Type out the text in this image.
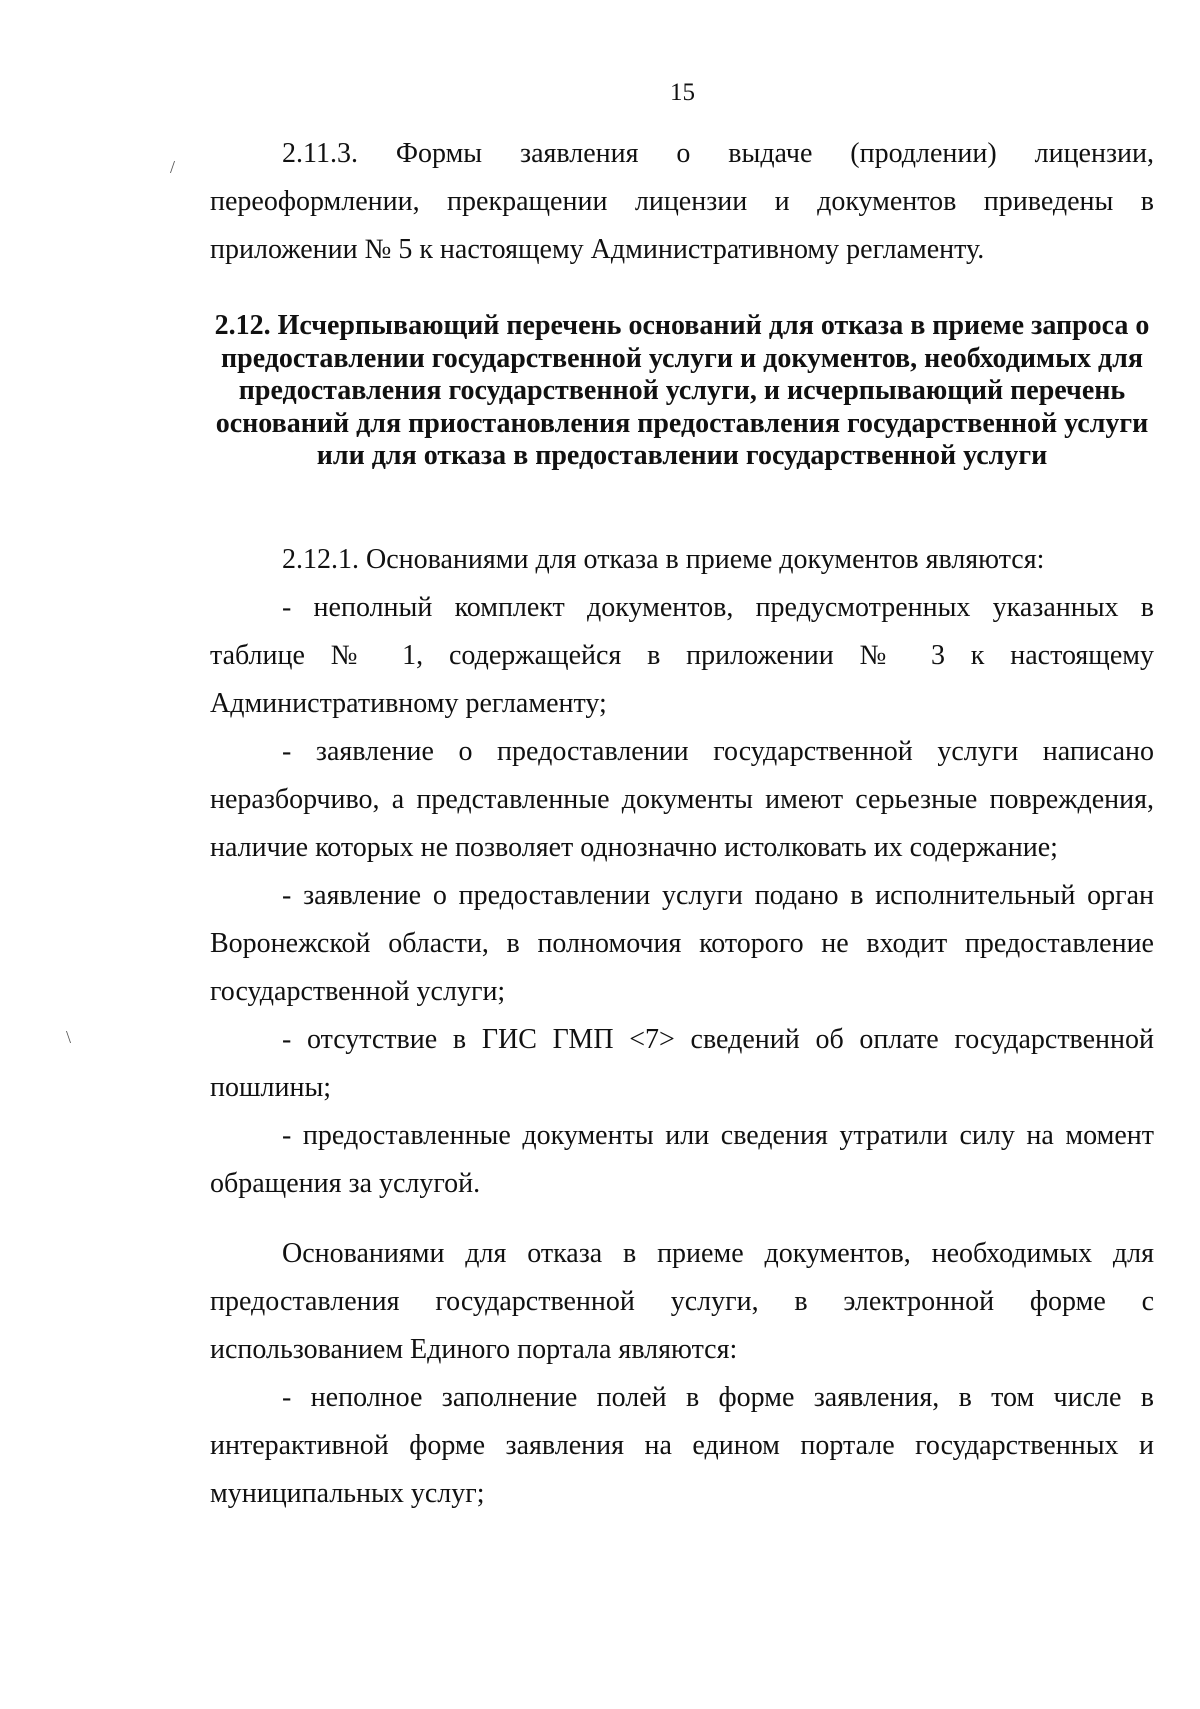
15
/
\

2.11.3. Формы заявления о выдаче (продлении) лицензии, переоформлении, прекращении лицензии и документов приведены в приложении № 5 к настоящему Административному регламенту.

2.12. Исчерпывающий перечень оснований для отказа в приеме запроса о предоставлении государственной услуги и документов, необходимых для предоставления государственной услуги, и исчерпывающий перечень оснований для приостановления предоставления государственной услуги или для отказа в предоставлении государственной услуги

2.12.1. Основаниями для отказа в приеме документов являются:

- неполный комплект документов, предусмотренных указанных в таблице № 1, содержащейся в приложении № 3 к настоящему Административному регламенту;

- заявление о предоставлении государственной услуги написано неразборчиво, а представленные документы имеют серьезные повреждения, наличие которых не позволяет однозначно истолковать их содержание;

- заявление о предоставлении услуги подано в исполнительный орган Воронежской области, в полномочия которого не входит предоставление государственной услуги;

- отсутствие в ГИС ГМП <7> сведений об оплате государственной пошлины;

- предоставленные документы или сведения утратили силу на момент обращения за услугой.

Основаниями для отказа в приеме документов, необходимых для предоставления государственной услуги, в электронной форме с использованием Единого портала являются:

- неполное заполнение полей в форме заявления, в том числе в интерактивной форме заявления на едином портале государственных и муниципальных услуг;
